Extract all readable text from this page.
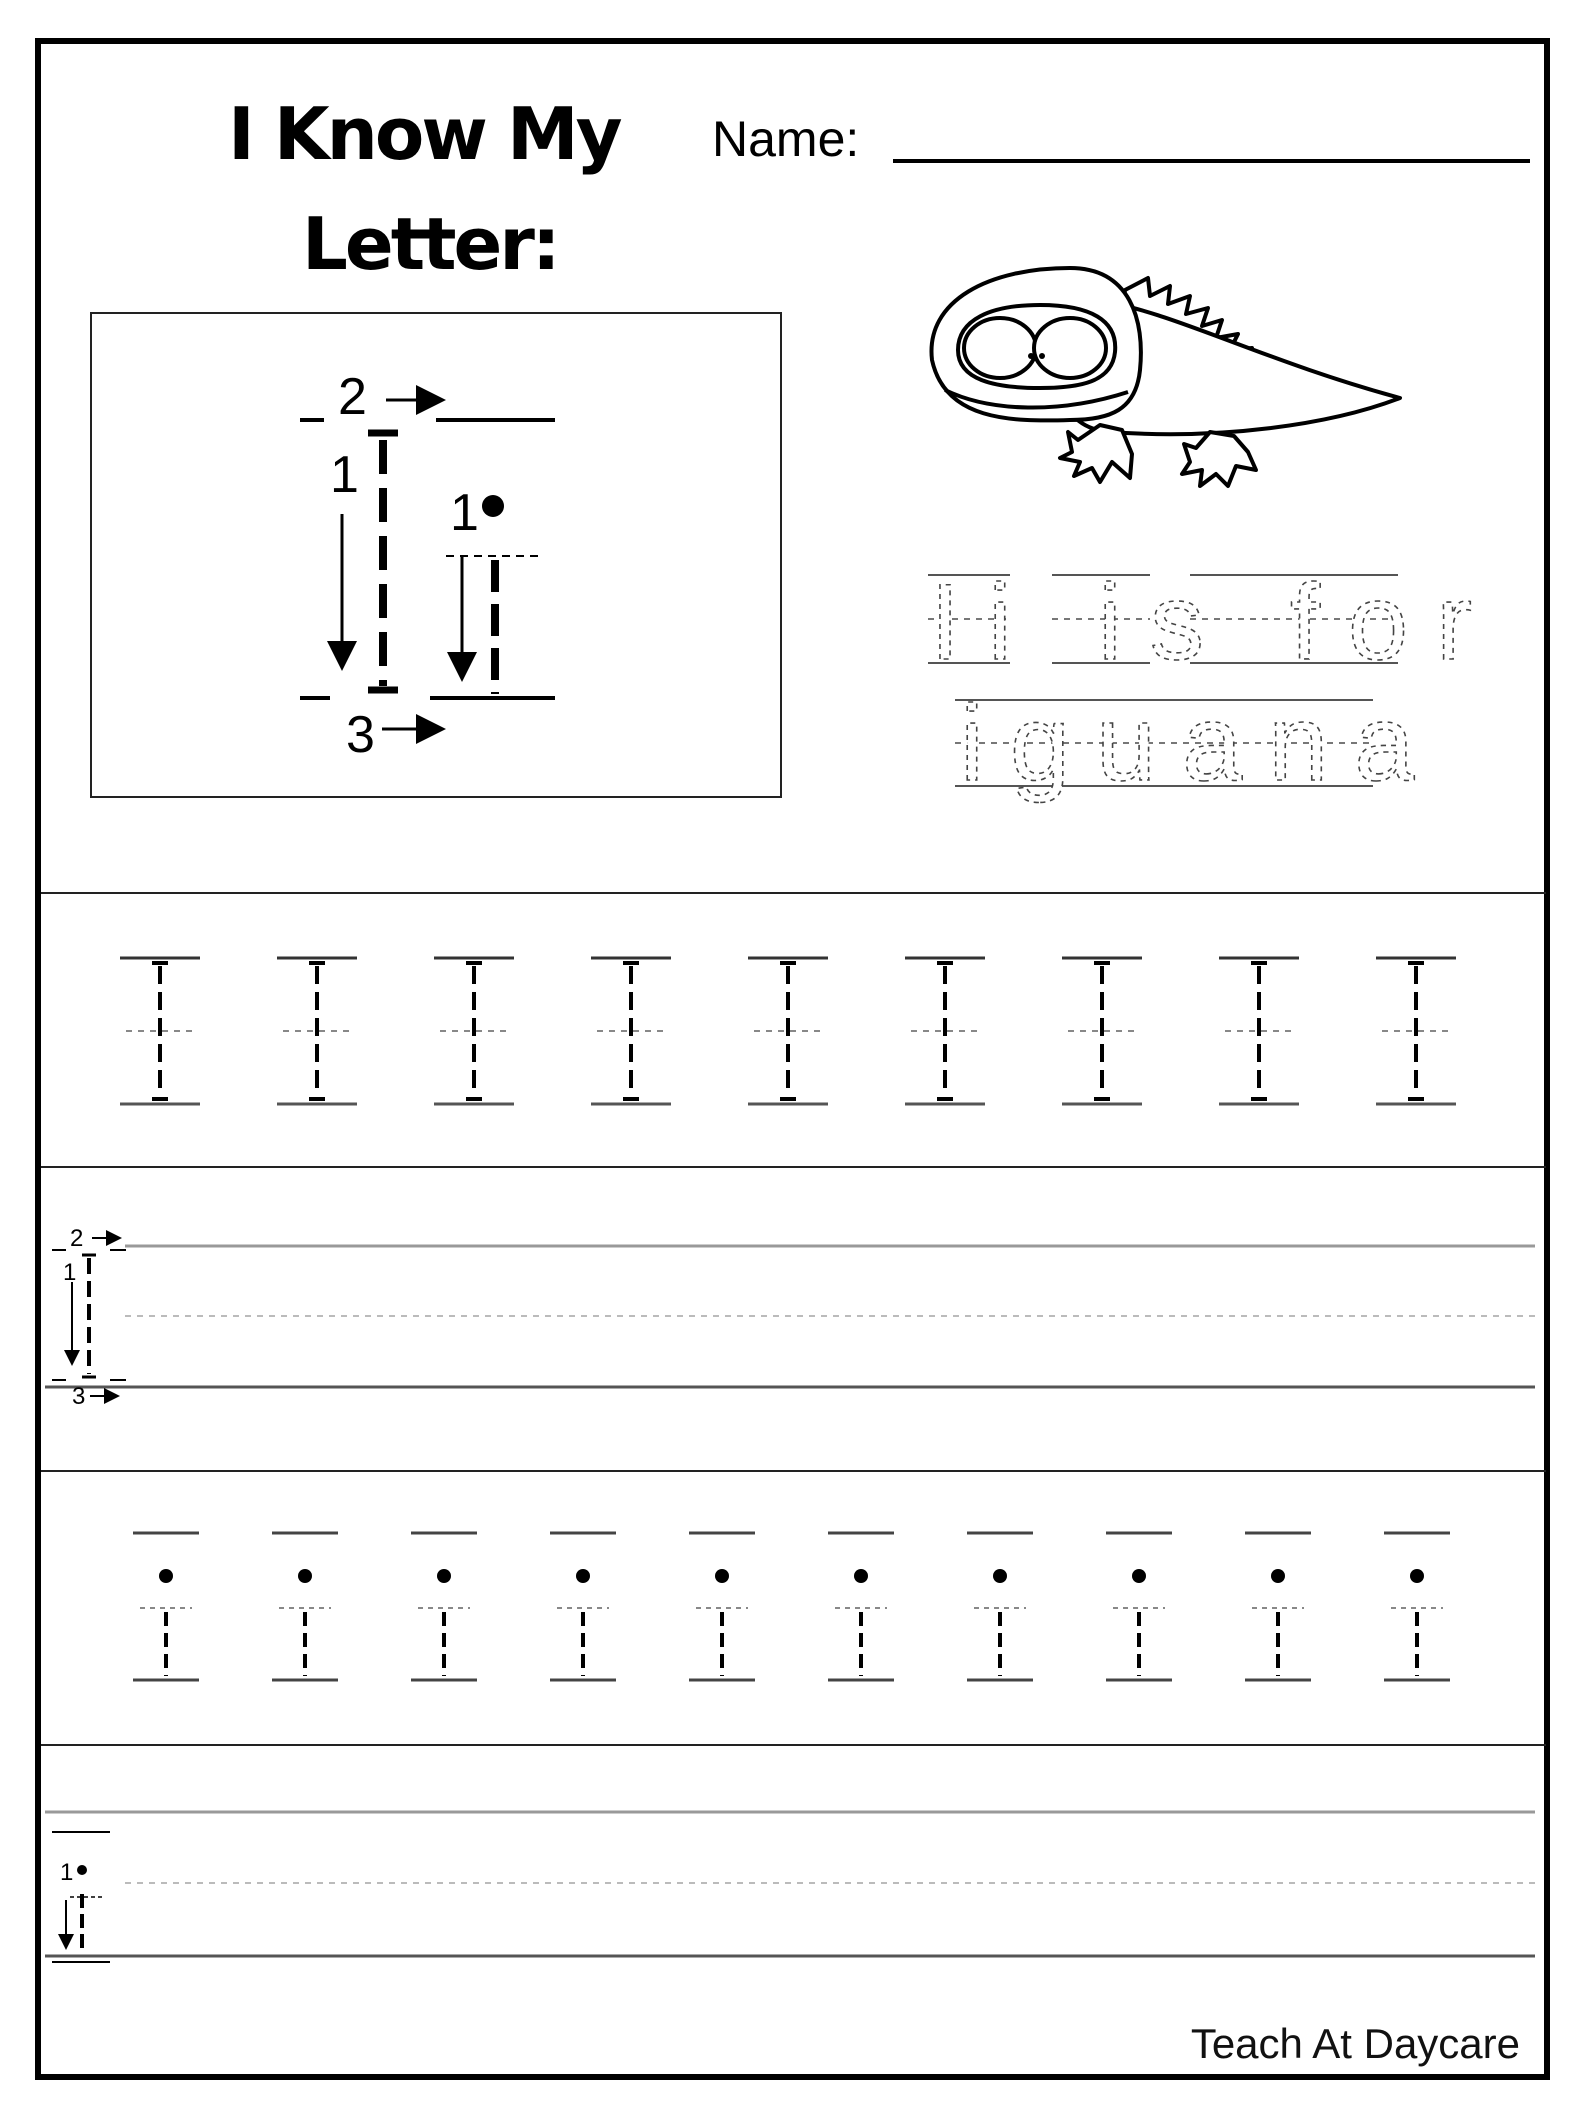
I Know My
Letter:
Name:
2
1
3
1
Ii is for
iguana
2
1
3
1
Teach At Daycare
